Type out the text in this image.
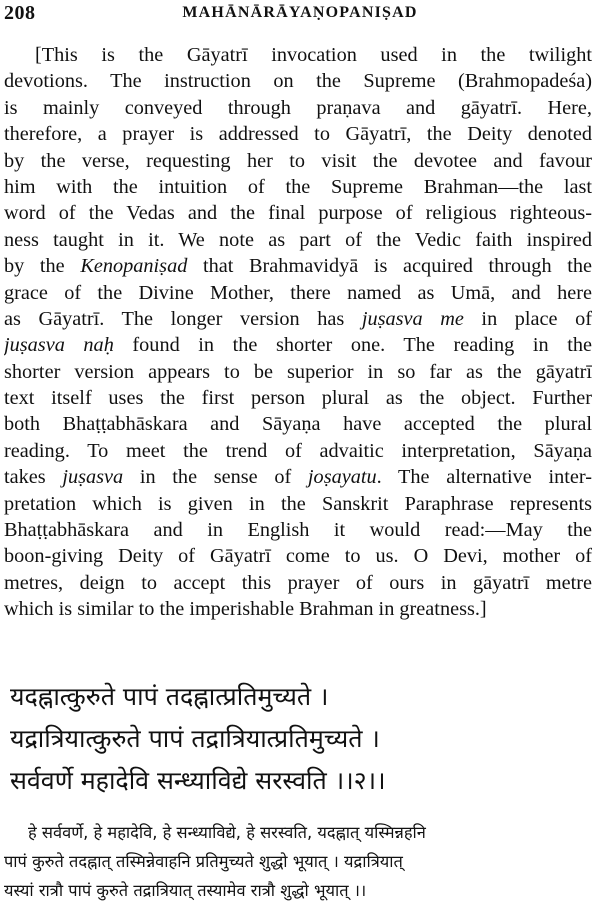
208	MAHĀNĀRĀYAṆOPANIṢAD
[This is the Gāyatrī invocation used in the twilight
devotions. The instruction on the Supreme (Brahmopadeśa)
is mainly conveyed through praṇava and gāyatrī. Here,
therefore, a prayer is addressed to Gāyatrī, the Deity denoted
by the verse, requesting her to visit the devotee and favour
him with the intuition of the Supreme Brahman—the last
word of the Vedas and the final purpose of religious righteous-
ness taught in it. We note as part of the Vedic faith inspired
by the Kenopaniṣad that Brahmavidyā is acquired through the
grace of the Divine Mother, there named as Umā, and here
as Gāyatrī. The longer version has juṣasva me in place of
juṣasva naḥ found in the shorter one. The reading in the
shorter version appears to be superior in so far as the gāyatrī
text itself uses the first person plural as the object. Further
both Bhaṭṭabhāskara and Sāyaṇa have accepted the plural
reading. To meet the trend of advaitic interpretation, Sāyaṇa
takes juṣasva in the sense of joṣayatu. The alternative inter-
pretation which is given in the Sanskrit Paraphrase represents
Bhaṭṭabhāskara and in English it would read:—May the
boon-giving Deity of Gāyatrī come to us. O Devi, mother of
metres, deign to accept this prayer of ours in gāyatrī metre
which is similar to the imperishable Brahman in greatness.]
यदह्नात्कुरुते पापं तदह्नात्प्रतिमुच्यते ।
यद्रात्रियात्कुरुते पापं तद्रात्रियात्प्रतिमुच्यते ।
सर्ववर्णे महादेवि सन्ध्याविद्ये सरस्वति ।।२।।
हे सर्ववर्णे, हे महादेवि, हे सन्ध्याविद्ये, हे सरस्वति, यदह्नात् यस्मिन्नहनि
पापं कुरुते तदह्नात् तस्मिन्नेवाहनि प्रतिमुच्यते शुद्धो भूयात् । यद्रात्रियात्
यस्यां रात्रौ पापं कुरुते तद्रात्रियात् तस्यामेव रात्रौ शुद्धो भूयात् ।।
